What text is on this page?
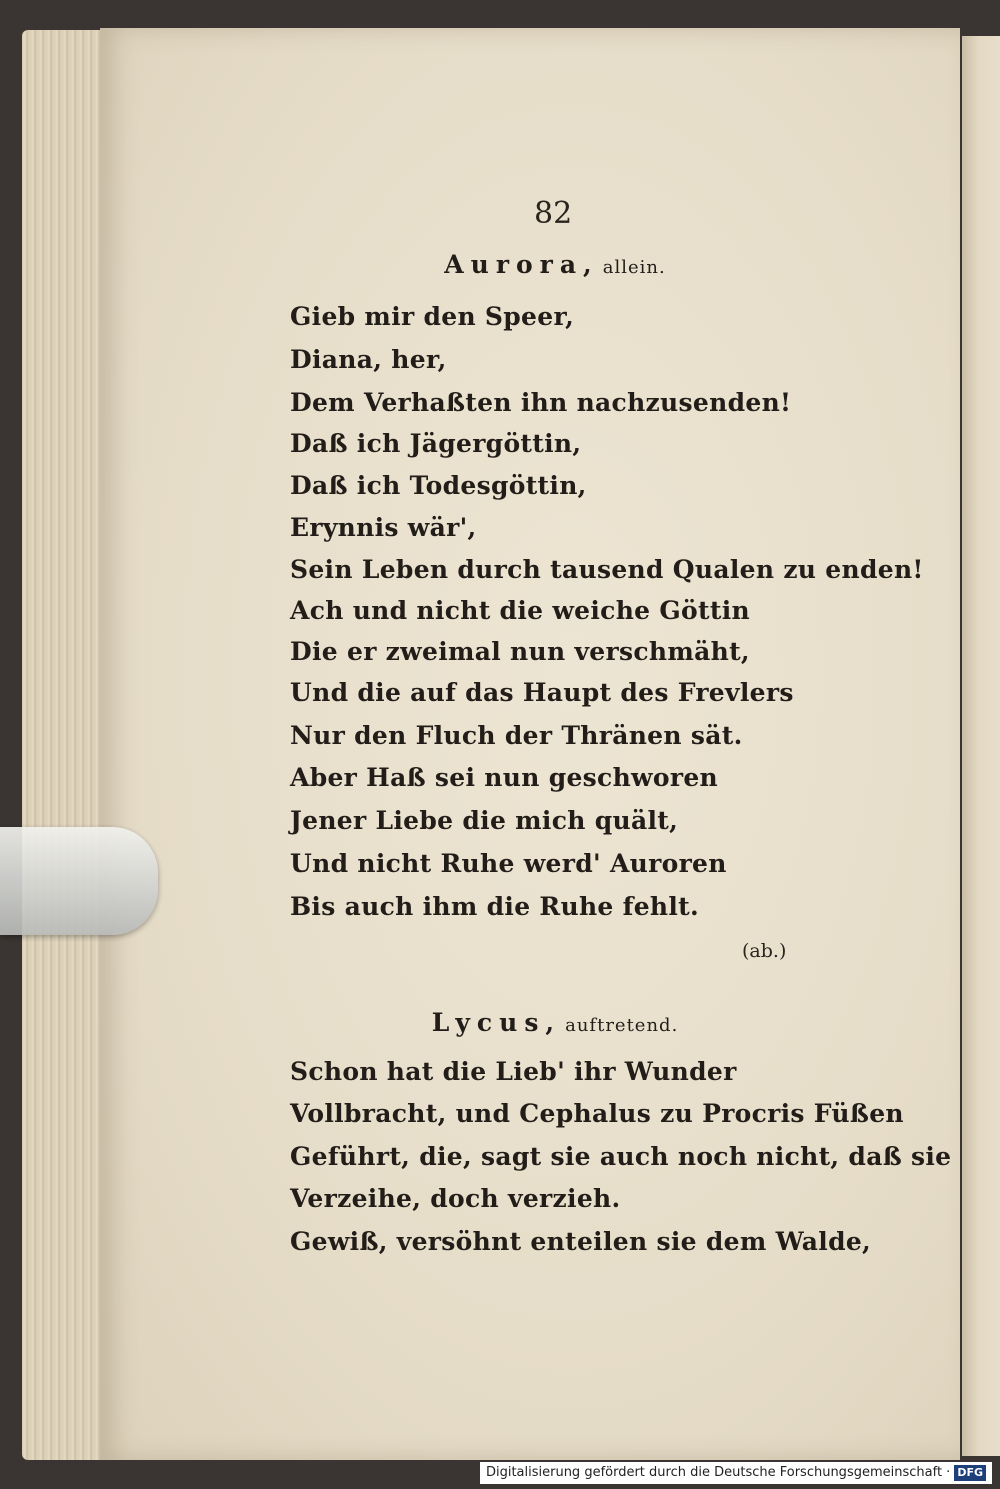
82
Aurora, allein.
Gieb mir den Speer,
Diana, her,
Dem Verhaßten ihn nachzusenden!
Daß ich Jägergöttin,
Daß ich Todesgöttin,
Erynnis wär',
Sein Leben durch tausend Qualen zu enden!
Ach und nicht die weiche Göttin
Die er zweimal nun verschmäht,
Und die auf das Haupt des Frevlers
Nur den Fluch der Thränen sät.
Aber Haß sei nun geschworen
Jener Liebe die mich quält,
Und nicht Ruhe werd' Auroren
Bis auch ihm die Ruhe fehlt.
(ab.)
Lycus, auftretend.
Schon hat die Lieb' ihr Wunder
Vollbracht, und Cephalus zu Procris Füßen
Geführt, die, sagt sie auch noch nicht, daß sie
Verzeihe, doch verzieh.
Gewiß, versöhnt enteilen sie dem Walde,
Digitalisierung gefördert durch die Deutsche Forschungsgemeinschaft · DFG
